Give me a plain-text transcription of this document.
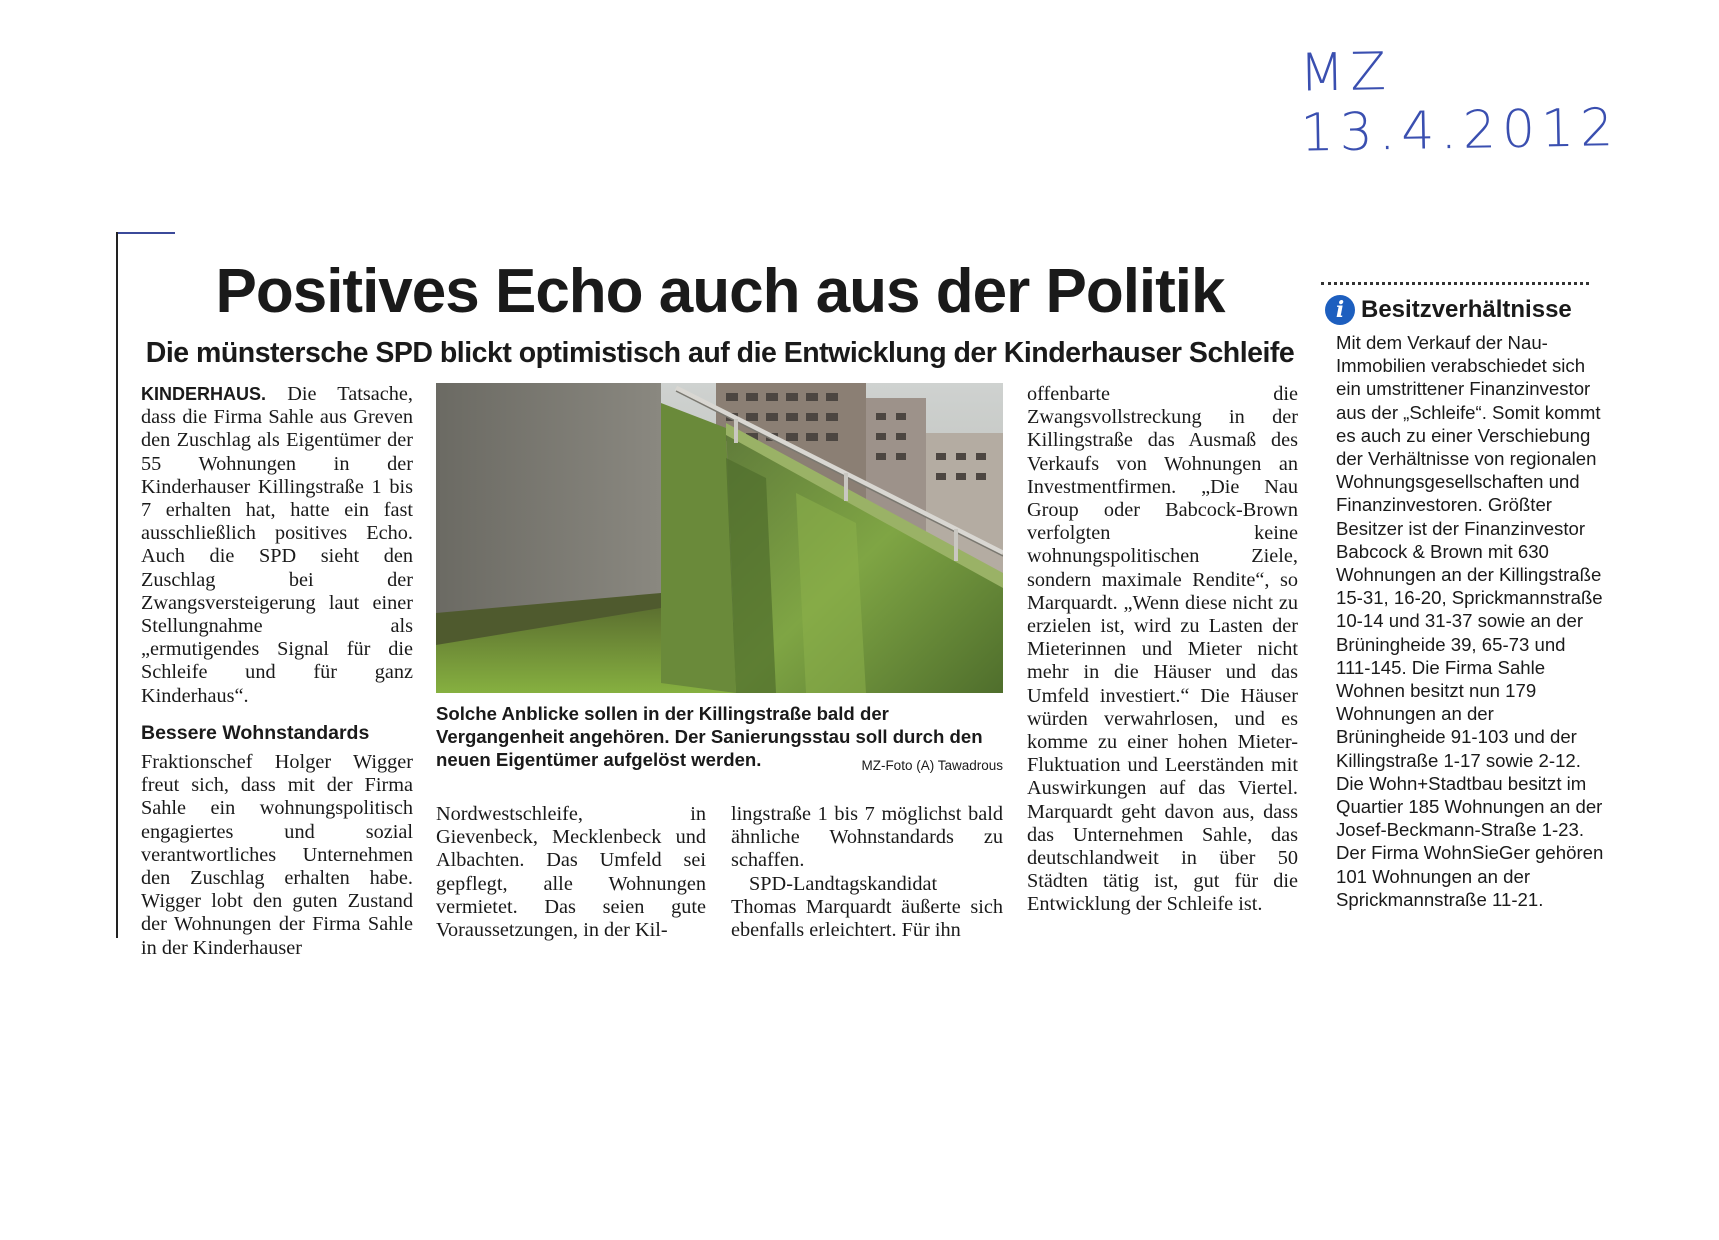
MZ 13.4.2012
Positives Echo auch aus der Politik
Die münstersche SPD blickt optimistisch auf die Entwicklung der Kinderhauser Schleife

KINDERHAUS. Die Tatsache, dass die Firma Sahle aus Greven den Zuschlag als Eigentümer der 55 Wohnungen in der Kinderhauser Killingstraße 1 bis 7 erhalten hat, hatte ein fast ausschließlich positives Echo. Auch die SPD sieht den Zuschlag bei der Zwangsversteigerung laut einer Stellungnahme als „ermutigendes Signal für die Schleife und für ganz Kinderhaus“.

Bessere Wohnstandards

Fraktionschef Holger Wigger freut sich, dass mit der Firma Sahle ein wohnungspolitisch engagiertes und sozial verantwortliches Unternehmen den Zuschlag erhalten habe. Wigger lobt den guten Zustand der Wohnungen der Firma Sahle in der Kinderhauser

Solche Anblicke sollen in der Killingstraße bald der Vergangenheit angehören. Der Sanierungsstau soll durch den neuen Eigentümer aufgelöst werden.	MZ-Foto (A) Tawadrous

Nordwestschleife, in Gievenbeck, Mecklenbeck und Albachten. Das Umfeld sei gepflegt, alle Wohnungen vermietet. Das seien gute Voraussetzungen, in der Kil-

lingstraße 1 bis 7 möglichst bald ähnliche Wohnstandards zu schaffen.

SPD-Landtagskandidat Thomas Marquardt äußerte sich ebenfalls erleichtert. Für ihn

offenbarte die Zwangsvollstreckung in der Killingstraße das Ausmaß des Verkaufs von Wohnungen an Investmentfirmen. „Die Nau Group oder Babcock-Brown verfolgten keine wohnungspolitischen Ziele, sondern maximale Rendite“, so Marquardt. „Wenn diese nicht zu erzielen ist, wird zu Lasten der Mieterinnen und Mieter nicht mehr in die Häuser und das Umfeld investiert.“ Die Häuser würden verwahrlosen, und es komme zu einer hohen Mieter-Fluktuation und Leerständen mit Auswirkungen auf das Viertel. Marquardt geht davon aus, dass das Unternehmen Sahle, das deutschlandweit in über 50 Städten tätig ist, gut für die Entwicklung der Schleife ist.

i Besitzverhältnisse

Mit dem Verkauf der Nau-Immobilien verabschiedet sich ein umstrittener Finanzinvestor aus der „Schleife“. Somit kommt es auch zu einer Verschiebung der Verhältnisse von regionalen Wohnungsgesellschaften und Finanzinvestoren. Größter Besitzer ist der Finanzinvestor Babcock & Brown mit 630 Wohnungen an der Killingstraße 15-31, 16-20, Sprickmannstraße 10-14 und 31-37 sowie an der Brüningheide 39, 65-73 und 111-145. Die Firma Sahle Wohnen besitzt nun 179 Wohnungen an der Brüningheide 91-103 und der Killingstraße 1-17 sowie 2-12. Die Wohn+Stadtbau besitzt im Quartier 185 Wohnungen an der Josef-Beckmann-Straße 1-23. Der Firma WohnSieGer gehören 101 Wohnungen an der Sprickmannstraße 11-21.
